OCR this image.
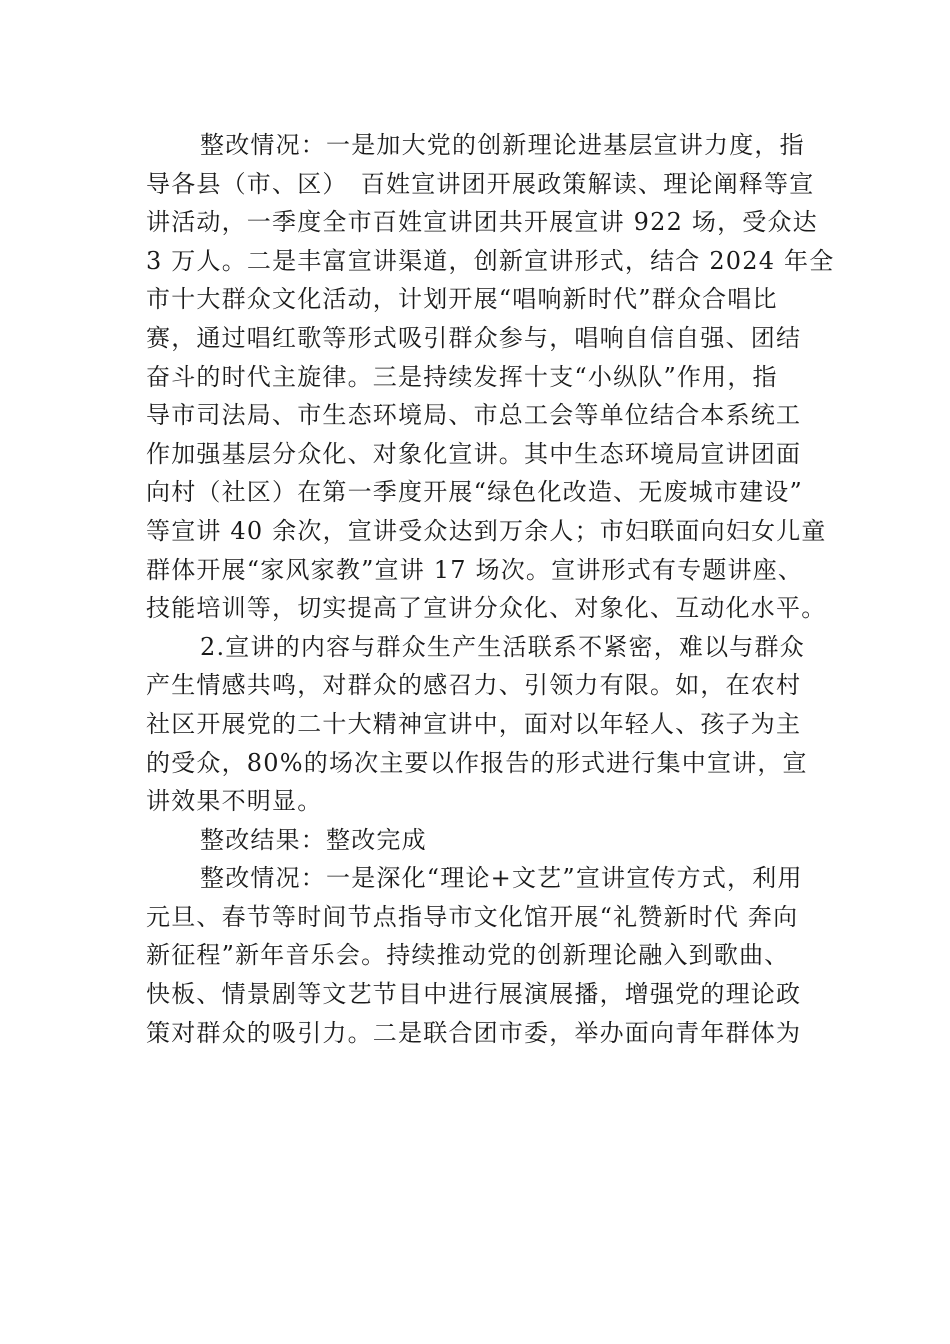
整改情况：一是加大党的创新理论进基层宣讲力度，指
导各县（市、区）　百姓宣讲团开展政策解读、理论阐释等宣
讲活动，一季度全市百姓宣讲团共开展宣讲 922 场，受众达
3 万人。二是丰富宣讲渠道，创新宣讲形式，结合 2024 年全
市十大群众文化活动，计划开展“唱响新时代”群众合唱比
赛，通过唱红歌等形式吸引群众参与，唱响自信自强、团结
奋斗的时代主旋律。三是持续发挥十支“小纵队”作用，指
导市司法局、市生态环境局、市总工会等单位结合本系统工
作加强基层分众化、对象化宣讲。其中生态环境局宣讲团面
向村（社区）在第一季度开展“绿色化改造、无废城市建设”
等宣讲 40 余次，宣讲受众达到万余人；市妇联面向妇女儿童
群体开展“家风家教”宣讲 17 场次。宣讲形式有专题讲座、
技能培训等，切实提高了宣讲分众化、对象化、互动化水平。
2.宣讲的内容与群众生产生活联系不紧密，难以与群众
产生情感共鸣，对群众的感召力、引领力有限。如，在农村
社区开展党的二十大精神宣讲中，面对以年轻人、孩子为主
的受众，80%的场次主要以作报告的形式进行集中宣讲，宣
讲效果不明显。
整改结果：整改完成
整改情况：一是深化“理论+文艺”宣讲宣传方式，利用
元旦、春节等时间节点指导市文化馆开展“礼赞新时代 奔向
新征程”新年音乐会。持续推动党的创新理论融入到歌曲、
快板、情景剧等文艺节目中进行展演展播，增强党的理论政
策对群众的吸引力。二是联合团市委，举办面向青年群体为
